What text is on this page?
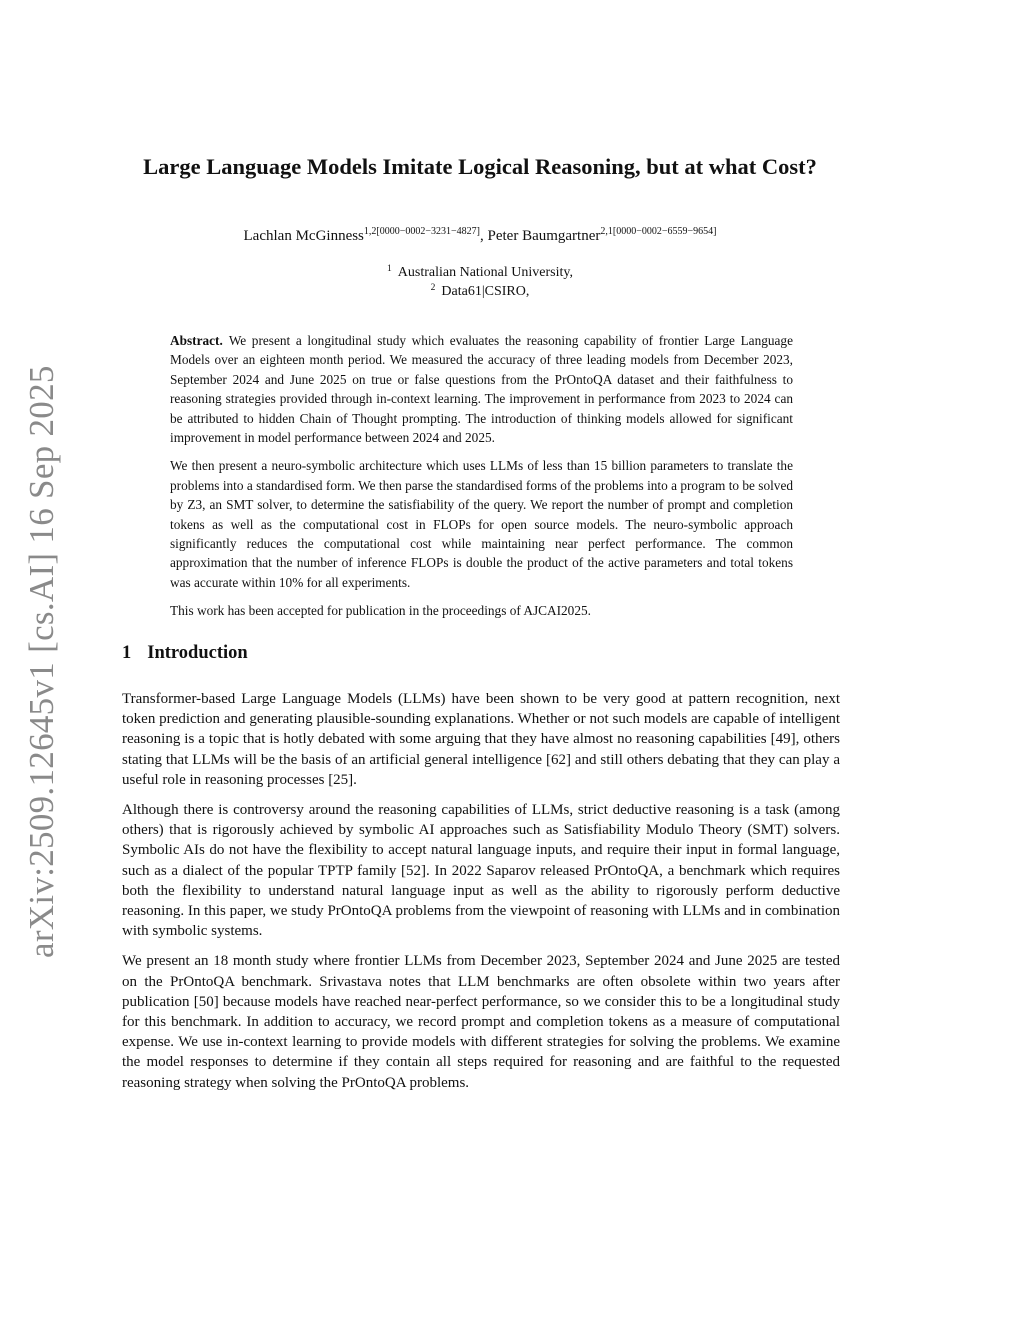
arXiv:2509.12645v1 [cs.AI] 16 Sep 2025
Large Language Models Imitate Logical Reasoning, but at what Cost?
Lachlan McGinness$^{1,2[0000-0002-3231-4827]}$, Peter Baumgartner$^{2,1[0000-0002-6559-9654]}$
$^1$ Australian National University,
$^2$ Data61|CSIRO,

Abstract. We present a longitudinal study which evaluates the reasoning capability of frontier Large Language Models over an eighteen month period. We measured the accuracy of three leading models from December 2023, September 2024 and June 2025 on true or false questions from the PrOntoQA dataset and their faithfulness to reasoning strategies provided through in-context learning. The improvement in performance from 2023 to 2024 can be attributed to hidden Chain of Thought prompting. The introduction of thinking models allowed for significant improvement in model performance between 2024 and 2025.

We then present a neuro-symbolic architecture which uses LLMs of less than 15 billion parameters to translate the problems into a standardised form. We then parse the standardised forms of the problems into a program to be solved by Z3, an SMT solver, to determine the satisfiability of the query. We report the number of prompt and completion tokens as well as the computational cost in FLOPs for open source models. The neuro-symbolic approach significantly reduces the computational cost while maintaining near perfect performance. The common approximation that the number of inference FLOPs is double the product of the active parameters and total tokens was accurate within 10% for all experiments.

This work has been accepted for publication in the proceedings of AJCAI2025.

1 Introduction

Transformer-based Large Language Models (LLMs) have been shown to be very good at pattern recognition, next token prediction and generating plausible-sounding explanations. Whether or not such models are capable of intelligent reasoning is a topic that is hotly debated with some arguing that they have almost no reasoning capabilities [49], others stating that LLMs will be the basis of an artificial general intelligence [62] and still others debating that they can play a useful role in reasoning processes [25].

Although there is controversy around the reasoning capabilities of LLMs, strict deductive reasoning is a task (among others) that is rigorously achieved by symbolic AI approaches such as Satisfiability Modulo Theory (SMT) solvers. Symbolic AIs do not have the flexibility to accept natural language inputs, and require their input in formal language, such as a dialect of the popular TPTP family [52]. In 2022 Saparov released PrOntoQA, a benchmark which requires both the flexibility to understand natural language input as well as the ability to rigorously perform deductive reasoning. In this paper, we study PrOntoQA problems from the viewpoint of reasoning with LLMs and in combination with symbolic systems.

We present an 18 month study where frontier LLMs from December 2023, September 2024 and June 2025 are tested on the PrOntoQA benchmark. Srivastava notes that LLM benchmarks are often obsolete within two years after publication [50] because models have reached near-perfect performance, so we consider this to be a longitudinal study for this benchmark. In addition to accuracy, we record prompt and completion tokens as a measure of computational expense. We use in-context learning to provide models with different strategies for solving the problems. We examine the model responses to determine if they contain all steps required for reasoning and are faithful to the requested reasoning strategy when solving the PrOntoQA problems.
